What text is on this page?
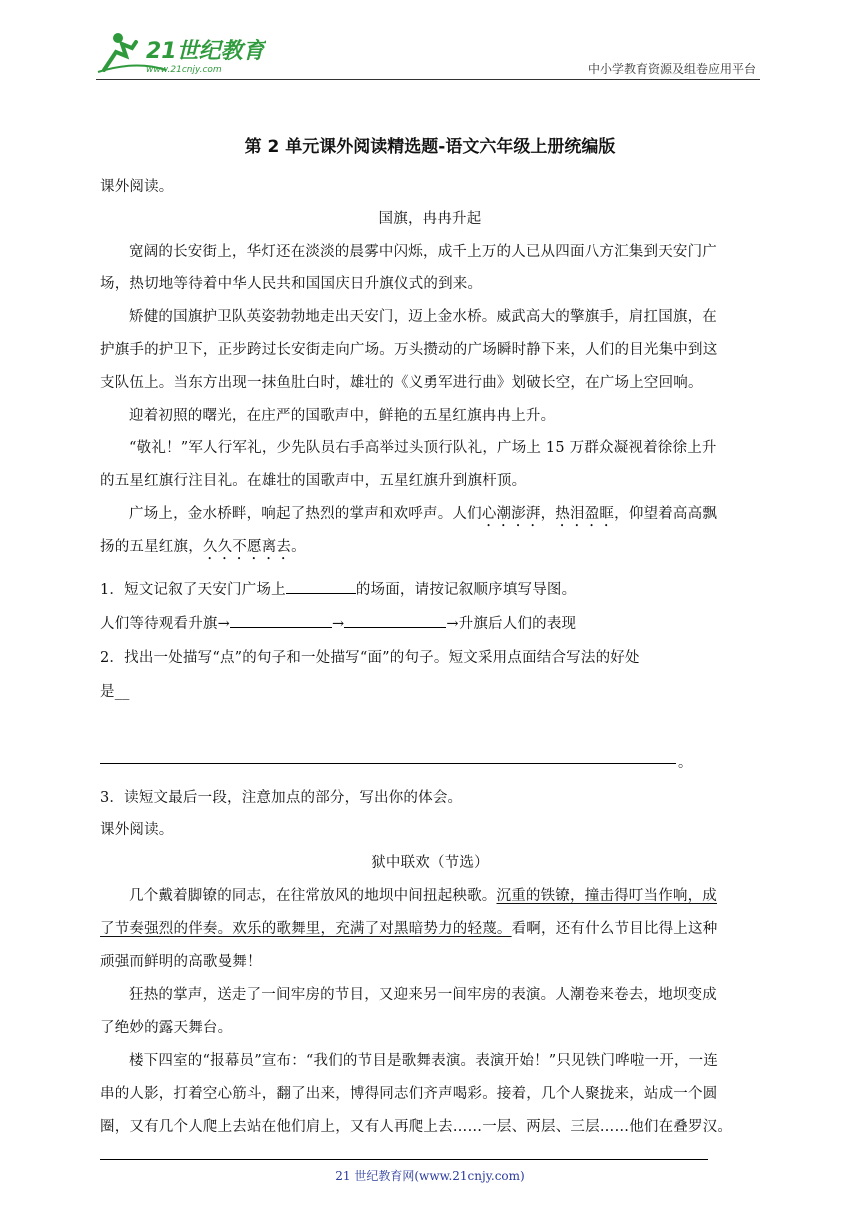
21世纪教育
www.21cnjy.com	中小学教育资源及组卷应用平台
第 2 单元课外阅读精选题-语文六年级上册统编版
课外阅读。
国旗，冉冉升起
宽阔的长安街上，华灯还在淡淡的晨雾中闪烁，成千上万的人已从四面八方汇集到天安门广
场，热切地等待着中华人民共和国国庆日升旗仪式的到来。
矫健的国旗护卫队英姿勃勃地走出天安门，迈上金水桥。威武高大的擎旗手，肩扛国旗，在
护旗手的护卫下，正步跨过长安街走向广场。万头攒动的广场瞬时静下来，人们的目光集中到这
支队伍上。当东方出现一抹鱼肚白时，雄壮的《义勇军进行曲》划破长空，在广场上空回响。
迎着初照的曙光，在庄严的国歌声中，鲜艳的五星红旗冉冉上升。
“敬礼！”军人行军礼，少先队员右手高举过头顶行队礼，广场上 15 万群众凝视着徐徐上升
的五星红旗行注目礼。在雄壮的国歌声中，五星红旗升到旗杆顶。
广场上，金水桥畔，响起了热烈的掌声和欢呼声。人们心潮澎湃，热泪盈眶，仰望着高高飘
扬的五星红旗，久久不愿离去。
1．短文记叙了天安门广场上	的场面，请按记叙顺序填写导图。
人们等待观看升旗→	→	→升旗后人们的表现
2．找出一处描写“点”的句子和一处描写“面”的句子。短文采用点面结合写法的好处
是__
。
3．读短文最后一段，注意加点的部分，写出你的体会。
课外阅读。
狱中联欢（节选）
几个戴着脚镣的同志，在往常放风的地坝中间扭起秧歌。沉重的铁镣，撞击得叮当作响，成
了节奏强烈的伴奏。欢乐的歌舞里，充满了对黑暗势力的轻蔑。看啊，还有什么节目比得上这种
顽强而鲜明的高歌曼舞！
狂热的掌声，送走了一间牢房的节目，又迎来另一间牢房的表演。人潮卷来卷去，地坝变成
了绝妙的露天舞台。
楼下四室的“报幕员”宣布：“我们的节目是歌舞表演。表演开始！”只见铁门哗啦一开，一连
串的人影，打着空心筋斗，翻了出来，博得同志们齐声喝彩。接着，几个人聚拢来，站成一个圆
圈，又有几个人爬上去站在他们肩上，又有人再爬上去……一层、两层、三层……他们在叠罗汉。
21 世纪教育网(www.21cnjy.com)
